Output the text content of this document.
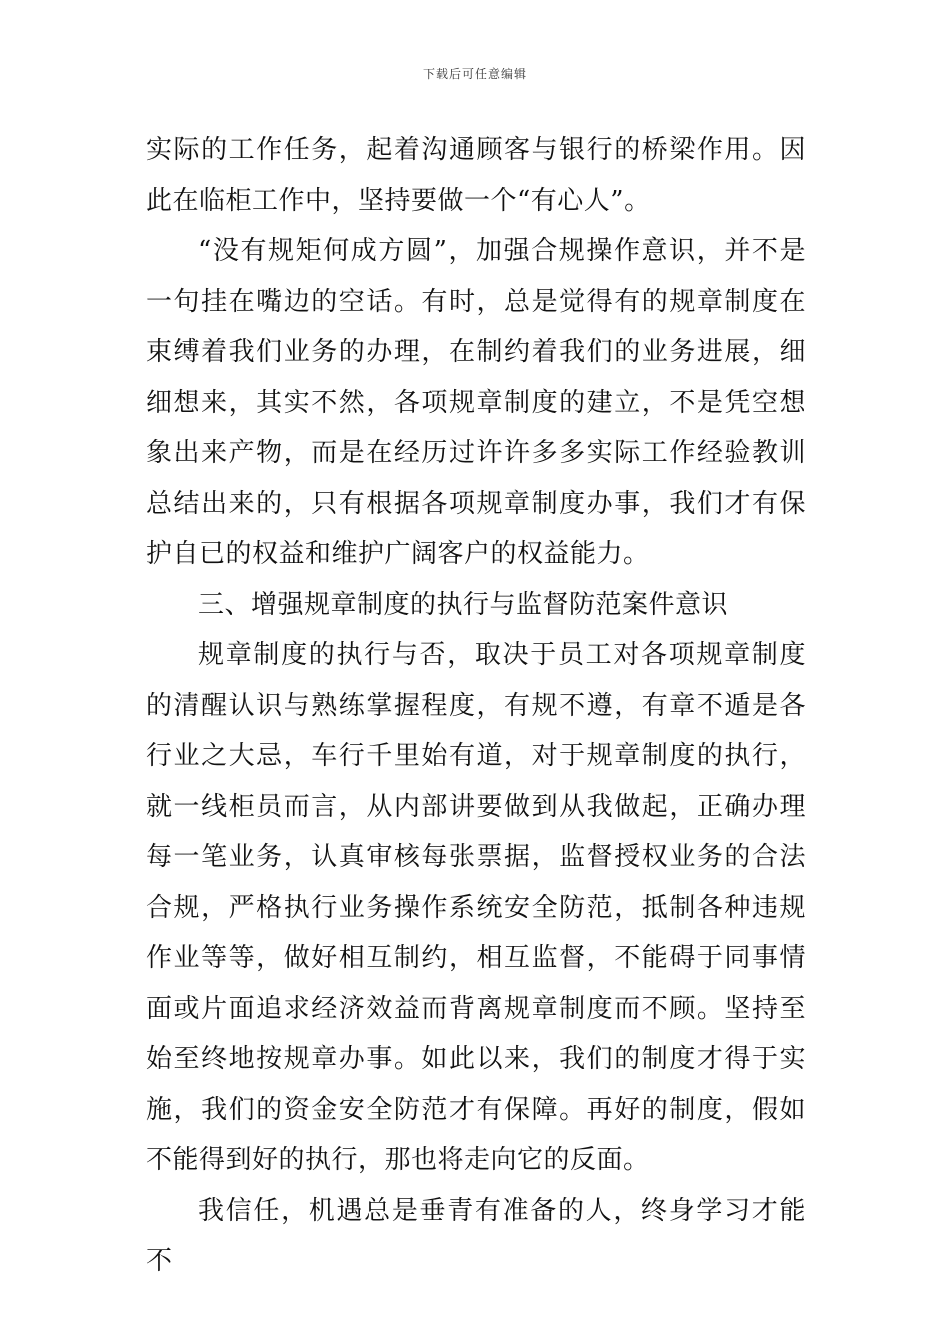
下载后可任意编辑

实际的工作任务，起着沟通顾客与银行的桥梁作用。因此在临柜工作中，坚持要做一个“有心人”。

“没有规矩何成方圆”，加强合规操作意识，并不是一句挂在嘴边的空话。有时，总是觉得有的规章制度在束缚着我们业务的办理，在制约着我们的业务进展，细细想来，其实不然，各项规章制度的建立，不是凭空想象出来产物，而是在经历过许许多多实际工作经验教训总结出来的，只有根据各项规章制度办事，我们才有保护自已的权益和维护广阔客户的权益能力。

三、增强规章制度的执行与监督防范案件意识

规章制度的执行与否，取决于员工对各项规章制度的清醒认识与熟练掌握程度，有规不遵，有章不遁是各行业之大忌，车行千里始有道，对于规章制度的执行，就一线柜员而言，从内部讲要做到从我做起，正确办理每一笔业务，认真审核每张票据，监督授权业务的合法合规，严格执行业务操作系统安全防范，抵制各种违规作业等等，做好相互制约，相互监督，不能碍于同事情面或片面追求经济效益而背离规章制度而不顾。坚持至始至终地按规章办事。如此以来，我们的制度才得于实施，我们的资金安全防范才有保障。再好的制度，假如不能得到好的执行，那也将走向它的反面。

我信任，机遇总是垂青有准备的人，终身学习才能不
